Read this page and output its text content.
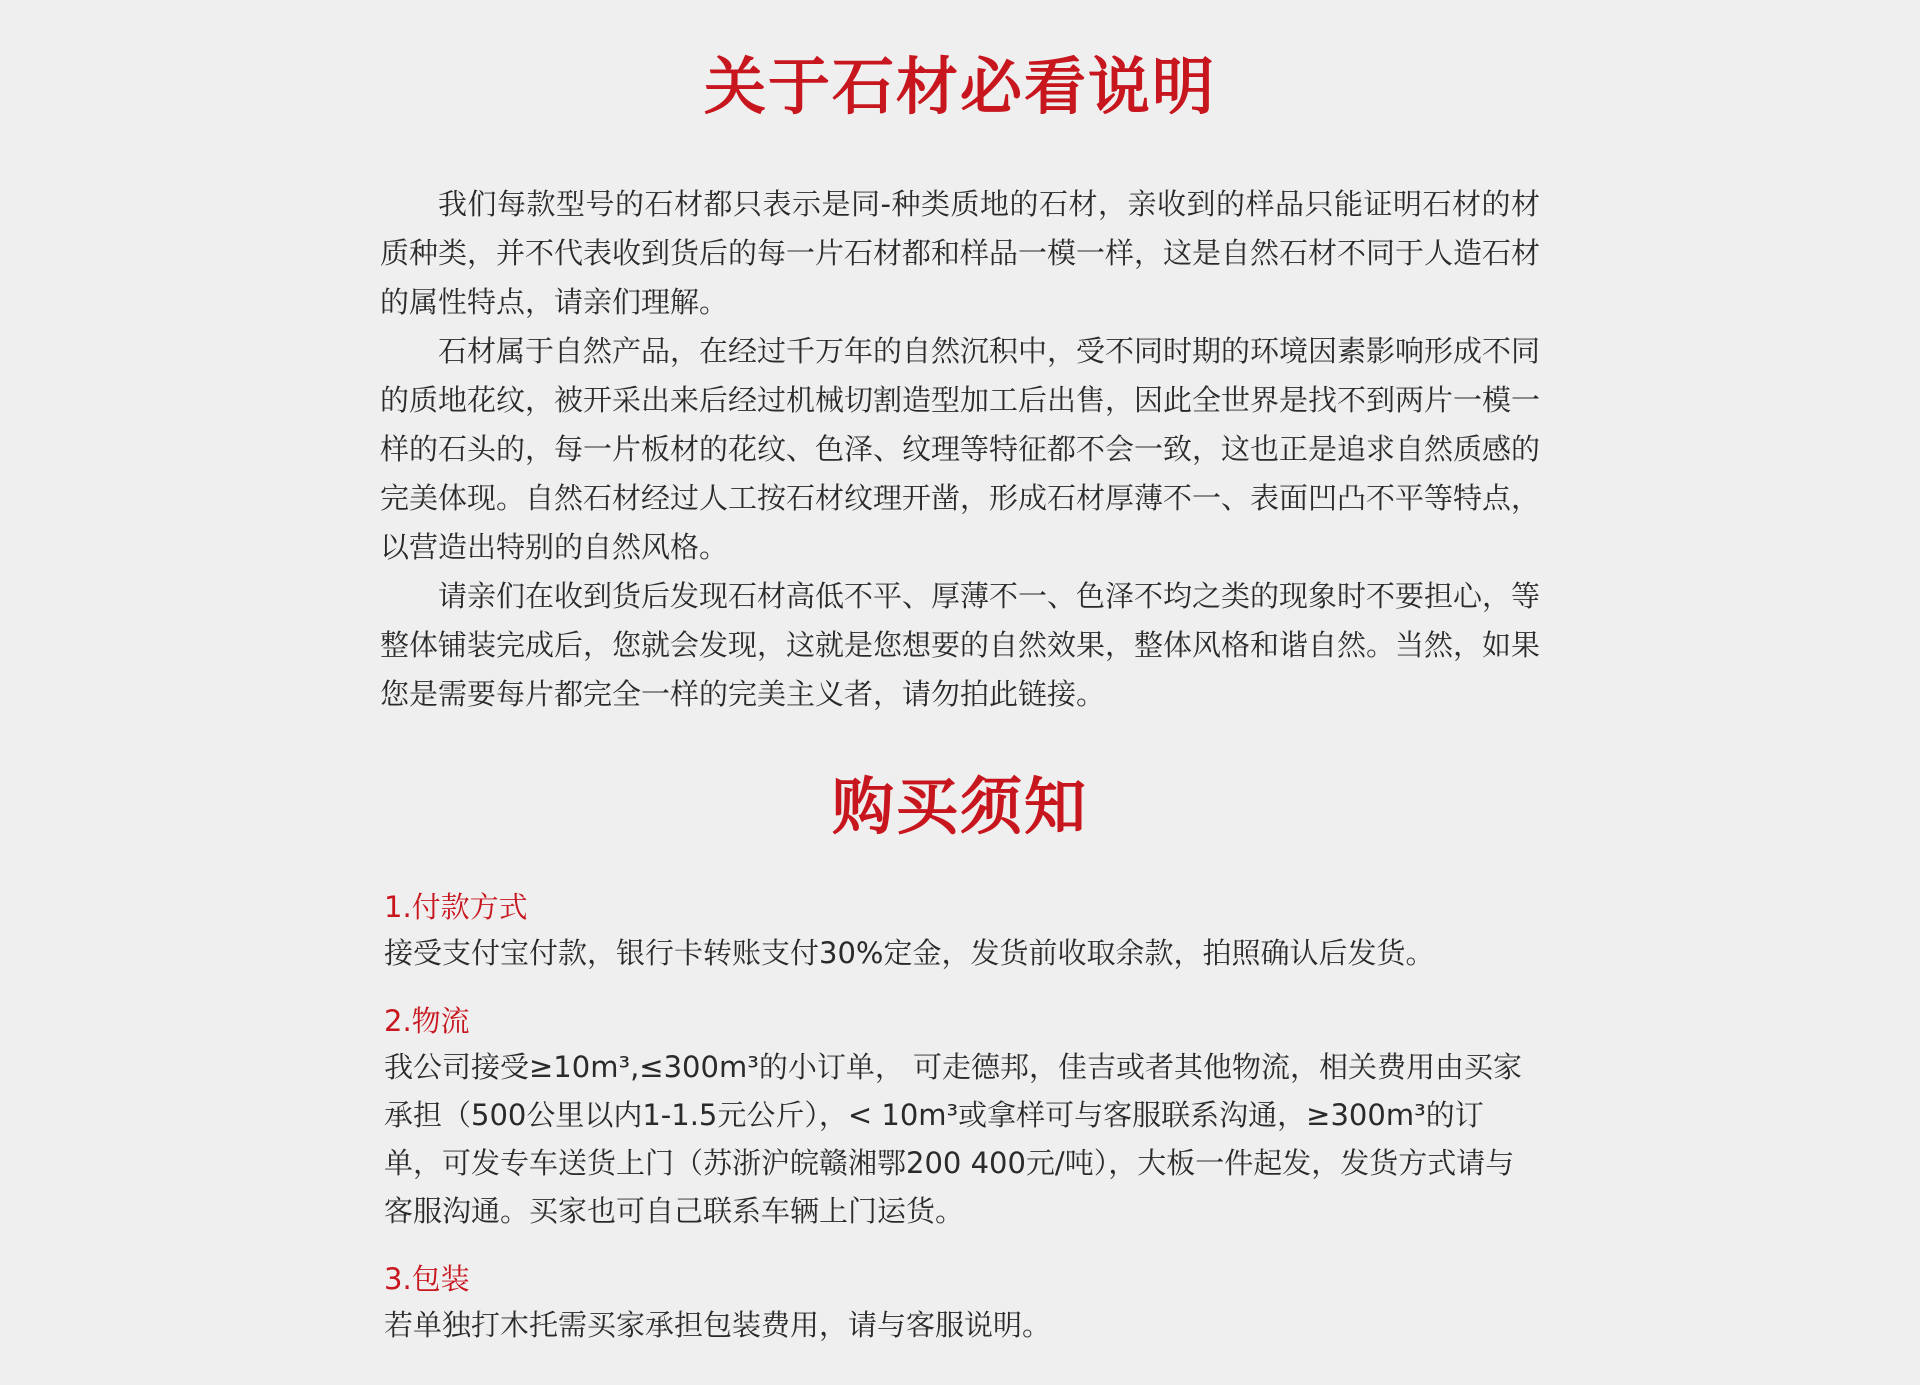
关于石材必看说明

我们每款型号的石材都只表示是同-种类质地的石材，亲收到的样品只能证明石材的材质种类，并不代表收到货后的每一片石材都和样品一模一样，这是自然石材不同于人造石材的属性特点，请亲们理解。

石材属于自然产品，在经过千万年的自然沉积中，受不同时期的环境因素影响形成不同的质地花纹，被开采出来后经过机械切割造型加工后出售，因此全世界是找不到两片一模一样的石头的，每一片板材的花纹、色泽、纹理等特征都不会一致，这也正是追求自然质感的完美体现。自然石材经过人工按石材纹理开凿，形成石材厚薄不一、表面凹凸不平等特点，以营造出特别的自然风格。

请亲们在收到货后发现石材高低不平、厚薄不一、色泽不均之类的现象时不要担心，等整体铺装完成后，您就会发现，这就是您想要的自然效果，整体风格和谐自然。当然，如果您是需要每片都完全一样的完美主义者，请勿拍此链接。

购买须知
1.付款方式

接受支付宝付款，银行卡转账支付30%定金，发货前收取余款，拍照确认后发货。

2.物流

我公司接受≥10m³,≤300m³的小订单， 可走德邦，佳吉或者其他物流，相关费用由买家承担（500公里以内1-1.5元公斤），< 10m³或拿样可与客服联系沟通，≥300m³的订单，可发专车送货上门（苏浙沪皖赣湘鄂200 400元/吨），大板一件起发，发货方式请与客服沟通。买家也可自己联系车辆上门运货。

3.包装

若单独打木托需买家承担包装费用，请与客服说明。
